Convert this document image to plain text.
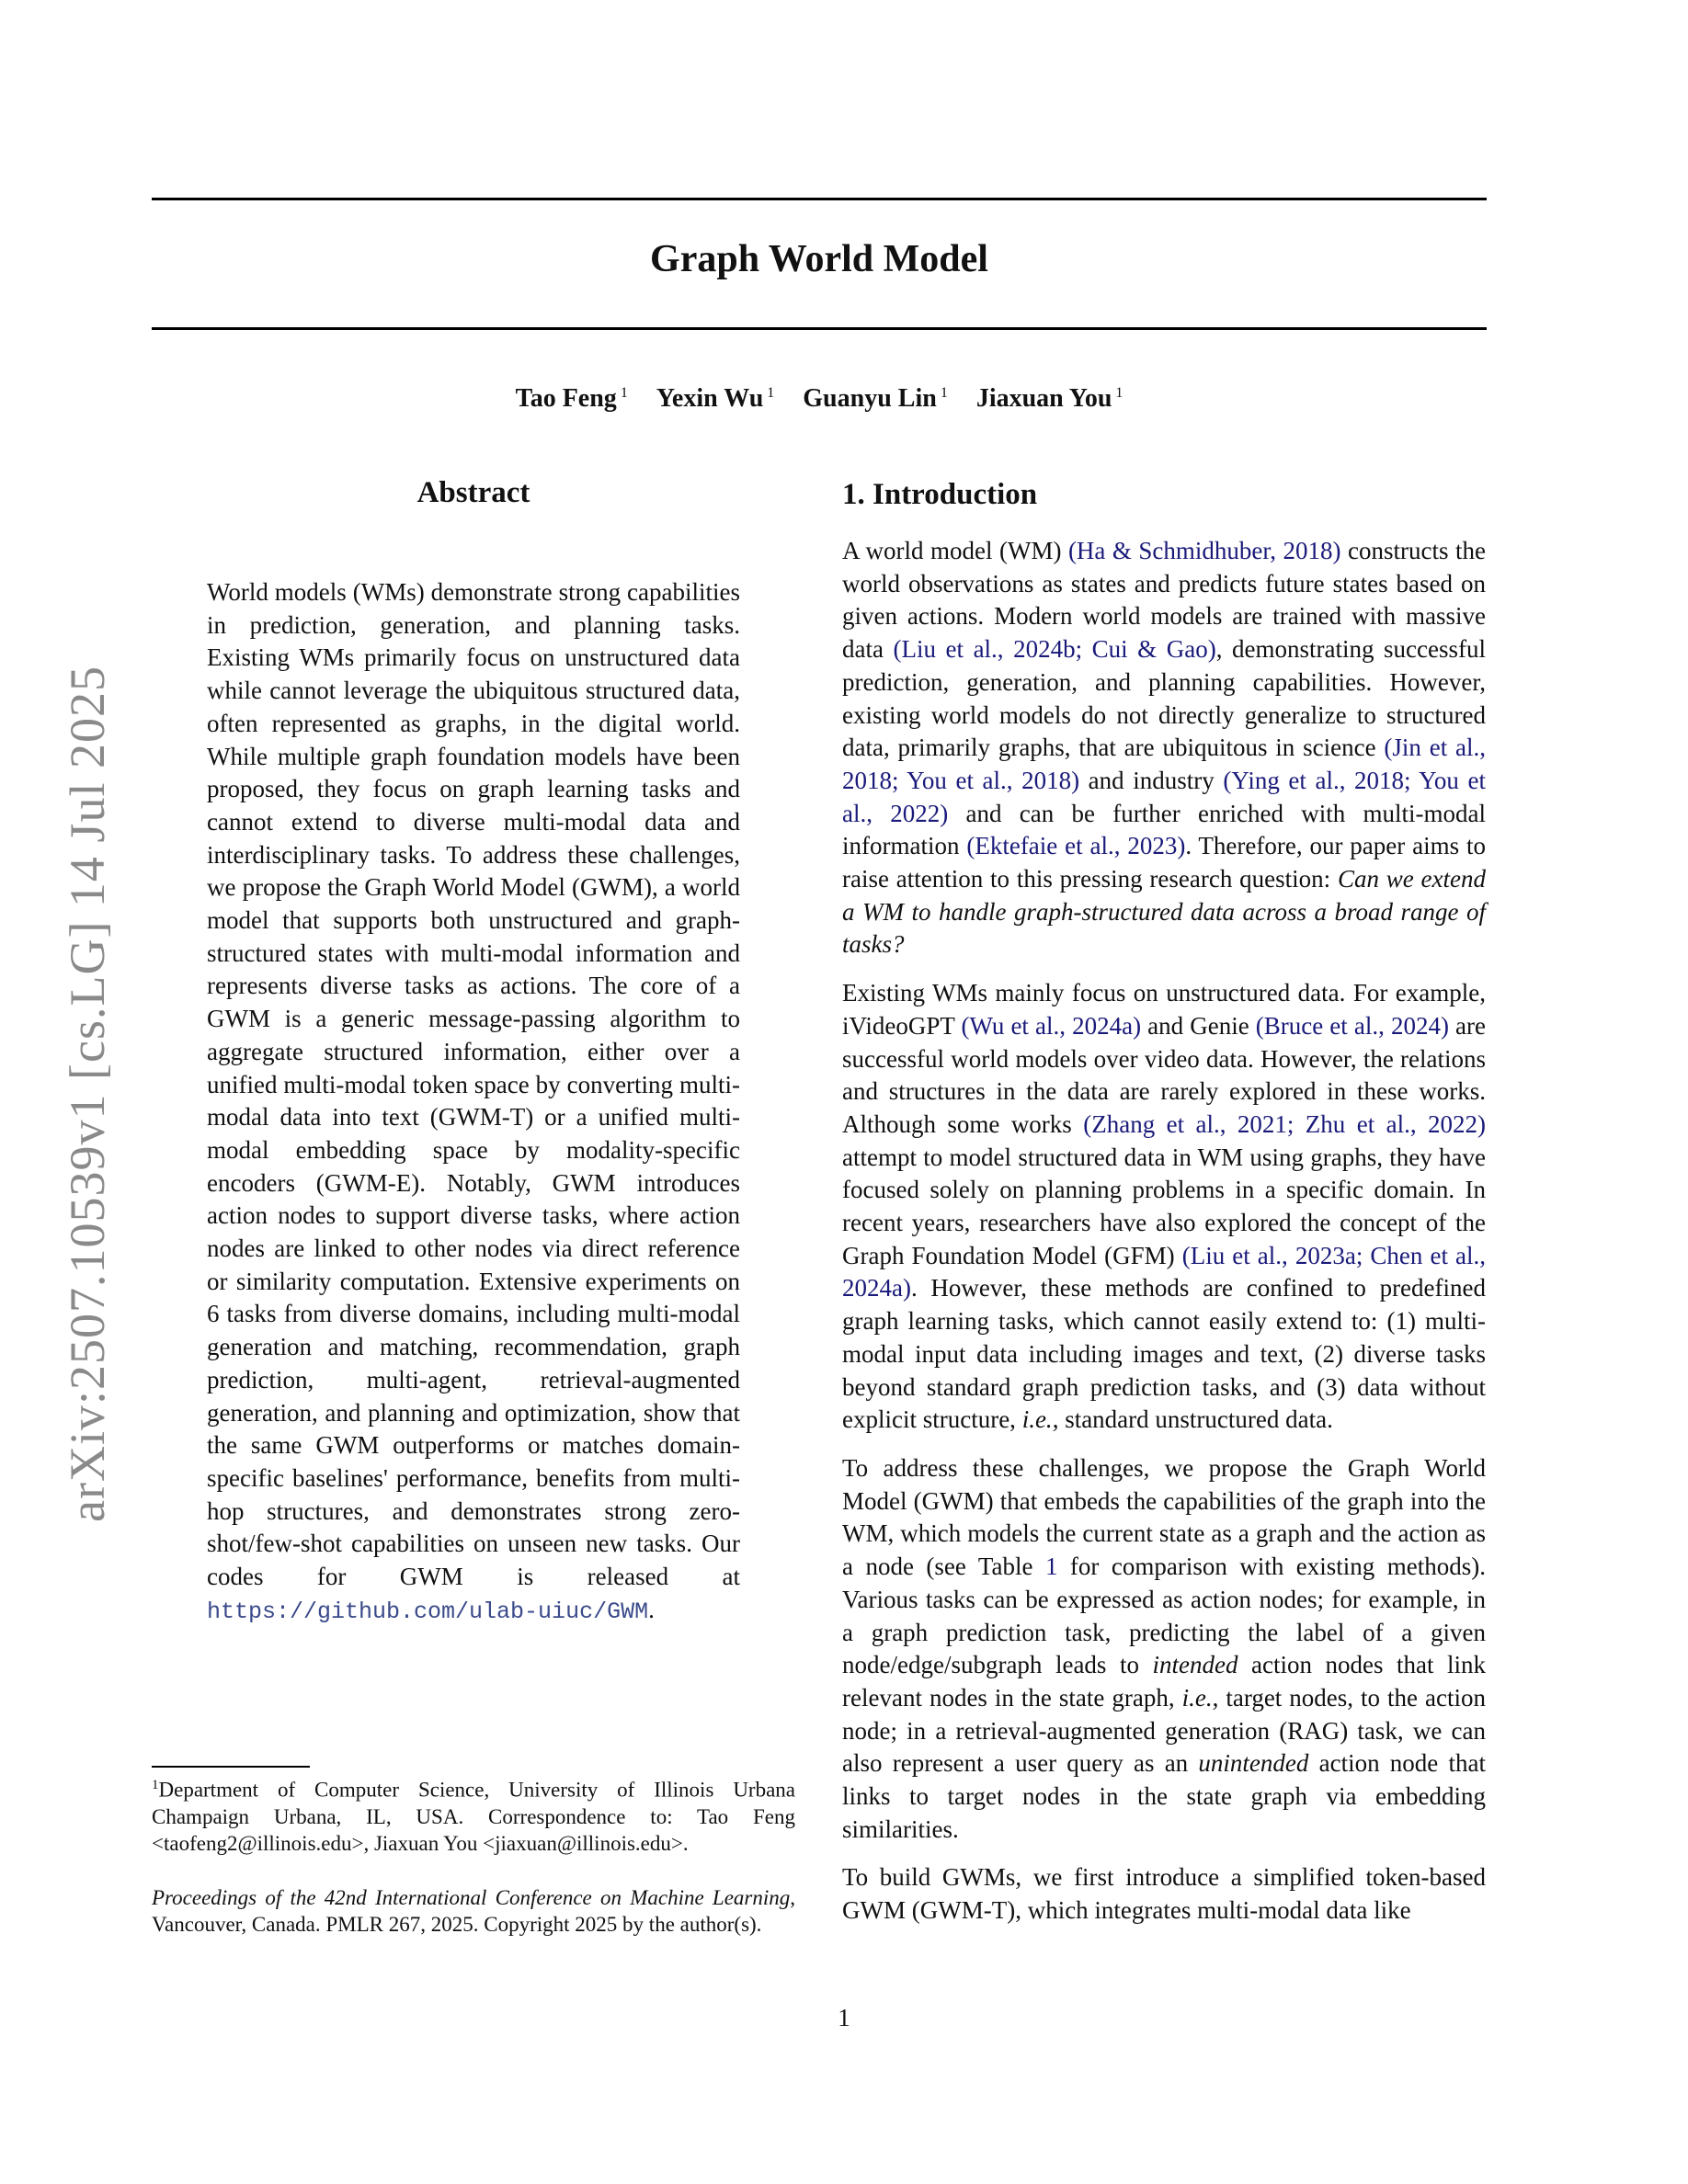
Graph World Model
Tao Feng $^1$ Yexin Wu $^1$ Guanyu Lin $^1$ Jiaxuan You $^1$
arXiv:2507.10539v1 [cs.LG] 14 Jul 2025
Abstract

World models (WMs) demonstrate strong capabilities in prediction, generation, and planning tasks. Existing WMs primarily focus on unstructured data while cannot leverage the ubiquitous structured data, often represented as graphs, in the digital world. While multiple graph foundation models have been proposed, they focus on graph learning tasks and cannot extend to diverse multi-modal data and interdisciplinary tasks. To address these challenges, we propose the Graph World Model (GWM), a world model that supports both unstructured and graph-structured states with multi-modal information and represents diverse tasks as actions. The core of a GWM is a generic message-passing algorithm to aggregate structured information, either over a unified multi-modal token space by converting multi-modal data into text (GWM-T) or a unified multi-modal embedding space by modality-specific encoders (GWM-E). Notably, GWM introduces action nodes to support diverse tasks, where action nodes are linked to other nodes via direct reference or similarity computation. Extensive experiments on 6 tasks from diverse domains, including multi-modal generation and matching, recommendation, graph prediction, multi-agent, retrieval-augmented generation, and planning and optimization, show that the same GWM outperforms or matches domain-specific baselines' performance, benefits from multi-hop structures, and demonstrates strong zero-shot/few-shot capabilities on unseen new tasks. Our codes for GWM is released at https://github.com/ulab-uiuc/GWM.

$^1$Department of Computer Science, University of Illinois Urbana Champaign Urbana, IL, USA. Correspondence to: Tao Feng <taofeng2@illinois.edu>, Jiaxuan You <jiaxuan@illinois.edu>.

Proceedings of the 42nd International Conference on Machine Learning, Vancouver, Canada. PMLR 267, 2025. Copyright 2025 by the author(s).

1. Introduction

A world model (WM) (Ha & Schmidhuber, 2018) constructs the world observations as states and predicts future states based on given actions. Modern world models are trained with massive data (Liu et al., 2024b; Cui & Gao), demonstrating successful prediction, generation, and planning capabilities. However, existing world models do not directly generalize to structured data, primarily graphs, that are ubiquitous in science (Jin et al., 2018; You et al., 2018) and industry (Ying et al., 2018; You et al., 2022) and can be further enriched with multi-modal information (Ektefaie et al., 2023). Therefore, our paper aims to raise attention to this pressing research question: Can we extend a WM to handle graph-structured data across a broad range of tasks?

Existing WMs mainly focus on unstructured data. For example, iVideoGPT (Wu et al., 2024a) and Genie (Bruce et al., 2024) are successful world models over video data. However, the relations and structures in the data are rarely explored in these works. Although some works (Zhang et al., 2021; Zhu et al., 2022) attempt to model structured data in WM using graphs, they have focused solely on planning problems in a specific domain. In recent years, researchers have also explored the concept of the Graph Foundation Model (GFM) (Liu et al., 2023a; Chen et al., 2024a). However, these methods are confined to predefined graph learning tasks, which cannot easily extend to: (1) multi-modal input data including images and text, (2) diverse tasks beyond standard graph prediction tasks, and (3) data without explicit structure, i.e., standard unstructured data.

To address these challenges, we propose the Graph World Model (GWM) that embeds the capabilities of the graph into the WM, which models the current state as a graph and the action as a node (see Table 1 for comparison with existing methods). Various tasks can be expressed as action nodes; for example, in a graph prediction task, predicting the label of a given node/edge/subgraph leads to intended action nodes that link relevant nodes in the state graph, i.e., target nodes, to the action node; in a retrieval-augmented generation (RAG) task, we can also represent a user query as an unintended action node that links to target nodes in the state graph via embedding similarities.

To build GWMs, we first introduce a simplified token-based GWM (GWM-T), which integrates multi-modal data like

1
